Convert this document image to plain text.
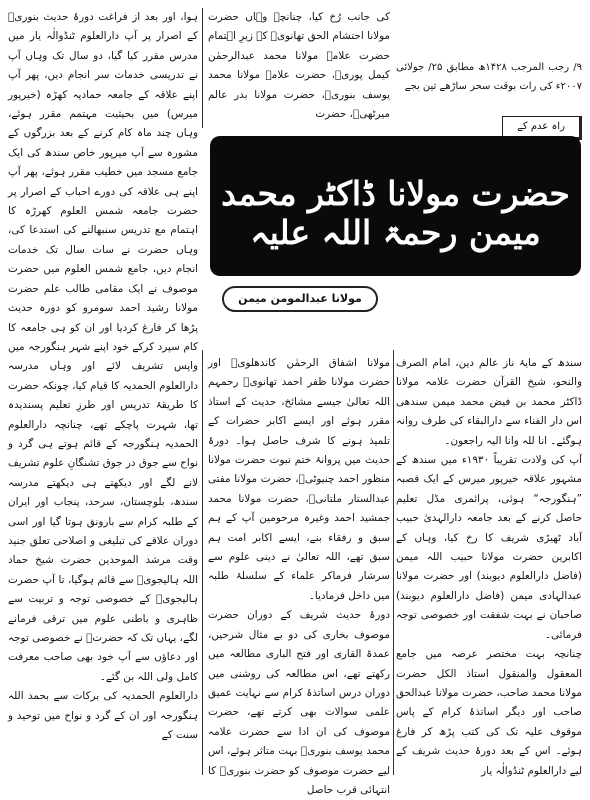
۹/ رجب المرجب ۱۴۲۸ھ مطابق ۲۵/ جولائی ۲۰۰۷ء کی رات بوقت سحر ساڑھے تین بجے

کی جانب رُخ کیا، چنانچہ وہاں حضرت مولانا احتشام الحق تھانویؒ کے زیرِ اہتمام حضرت علامہ مولانا محمد عبدالرحمٰن کیمل پوریؒ، حضرت علامہ مولانا محمد یوسف بنوریؒ، حضرت مولانا بدر عالم میرٹھیؒ، حضرت

ہوا، اور بعد از فراغت دورۂ حدیث بنوریؒ کے اصرار پر آپ دارالعلوم ٹنڈوالٰہ یار میں مدرس مقرر کیا گیا، دو سال تک وہاں آپ نے تدریسی خدمات سر انجام دیں، پھر آپ اپنے علاقہ کے جامعہ حمادیہ کھڑہ (خیرپور میرس) میں بحیثیت مہتمم مقرر ہوئے، وہاں چند ماہ کام کرنے کے بعد بزرگوں کے مشورہ سے آپ میرپور خاص سندھ کی ایک جامع مسجد میں خطیب مقرر ہوئے، پھر آپ اپنے ہی علاقہ کی دورے احباب کے اصرار پر حضرت جامعہ شمس العلوم کھرڑہ کا اہتمام مع تدریس سنبھالنے کی استدعا کی، وہاں حضرت نے سات سال تک خدمات انجام دیں، جامع شمس العلوم میں حضرت موصوف نے ایک مقامی طالب علم حضرت مولانا رشید احمد سومرو کو دورہ حدیث پڑھا کر فارغ کردیا اور ان کو ہی جامعہ کا کام سپرد کرکے خود اپنے شہر ہنگورجہ میں واپس تشریف لائے اور وہاں مدرسہ دارالعلوم الحمدیہ کا قیام کیا، چونکہ حضرت کا طریقۂ تدریس اور طرزِ تعلیم پسندیدہ تھا، شہرت پاچکے تھے، چنانچہ دارالعلوم الحمدیہ ہنگورجہ کے قائم ہوتے ہی گرد و نواح سے جوق در جوق تشنگانِ علوم تشریف لانے لگے اور دیکھتے ہی دیکھتے مدرسہ سندھ، بلوچستان، سرحد، پنجاب اور ایران کے طلبہ کرام سے بارونق ہوتا گیا اور اسی دوران علاقے کی تبلیغی و اصلاحی تعلق جنید وقت مرشد الموحدین حضرت شیخ حماد اللہ ہالیجویؒ سے قائم ہوگیا، تا آپ حضرت ہالیجویؒ کے خصوصی توجہ و تربیت سے ظاہری و باطنی علوم میں ترقی فرمانے لگے، یہاں تک کہ حضرتؒ نے خصوصی توجہ اور دعاؤں سے آپ خود بھی صاحب معرفت کامل ولی اللہ بن گئے۔

دارالعلوم الحمدیہ کی برکات سے بحمد اللہ ہنگورجہ اور ان کے گرد و نواح میں توحید و سنت کے

راہ عدم کے
حضرت مولانا ڈاکٹر محمد میمن رحمۃ اللہ علیہ
مولانا عبدالمومن میمن

مولانا اشفاق الرحمٰن کاندھلویؒ اور حضرت مولانا ظفر احمد تھانویؒ رحمہم اللہ تعالیٰ جیسے مشائخ، حدیث کے استاذ مقرر ہوئے اور ایسے اکابر حضرات کے تلمیذ ہونے کا شرف حاصل ہوا۔ دورۂ حدیث میں پروانۂ ختم نبوت حضرت مولانا منظور احمد چنیوٹیؒ، حضرت مولانا مفتی عبدالستار ملتانیؒ، حضرت مولانا محمد جمشید احمد وغیرہ مرحومین آپ کے ہم سبق و رفقاء بنے، ایسے اکابر امت ہم سبق تھے، اللہ تعالیٰ نے دینی علوم سے سرشار فرماکر علماء کے سلسلۂ طلبہ میں داخل فرمادیا۔

دورۂ حدیث شریف کے دوران حضرت موصوف بخاری کی دو بے مثال شرحیں، عمدۃ القاری اور فتح الباری مطالعہ میں رکھتے تھے، اس مطالعہ کی روشنی میں دوران درس اساتذۂ کرام سے نہایت عمیق علمی سوالات بھی کرتے تھے، حضرت موصوف کی ان ادا سے حضرت علامہ محمد یوسف بنوریؒ بہت متاثر ہوئے، اس لیے حضرت موصوف کو حضرت بنوریؒ کا انتہائی قرب حاصل

سندھ کے مایۂ ناز عالم دین، امام الصرف والنحو، شیخ القرآن حضرت علامہ مولانا ڈاکٹر محمد بن فیض محمد میمن سندھی اس دار الفناء سے دارالبقاء کی طرف روانہ ہوگئے۔ انا للہ وانا الیہ راجعون۔

آپ کی ولادت تقریباً ۱۹۳۰ء میں سندھ کے مشہور علاقہ خیرپور میرس کے ایک قصبہ ”ہنگورجہ“ ہوئی، پرائمری مڈل تعلیم حاصل کرنے کے بعد جامعہ دارالہدیٰ حبیب آباد ٹھیڑی شریف کا رخ کیا، وہاں کے اکابرین حضرت مولانا حبیب اللہ میمن (فاضل دارالعلوم دیوبند) اور حضرت مولانا عبدالہادی میمن (فاضل دارالعلوم دیوبند) صاحبان نے بہت شفقت اور خصوصی توجہ فرمائی۔

چنانچہ بہت مختصر عرصہ میں جامع المعقول والمنقول استاذ الکل حضرت مولانا محمد صاحب، حضرت مولانا عبدالحق صاحب اور دیگر اساتذۂ کرام کے پاس موقوف علیہ تک کی کتب پڑھ کر فارغ ہوئے۔ اس کے بعد دورۂ حدیث شریف کے لیے دارالعلوم ٹنڈوالٰہ یار
